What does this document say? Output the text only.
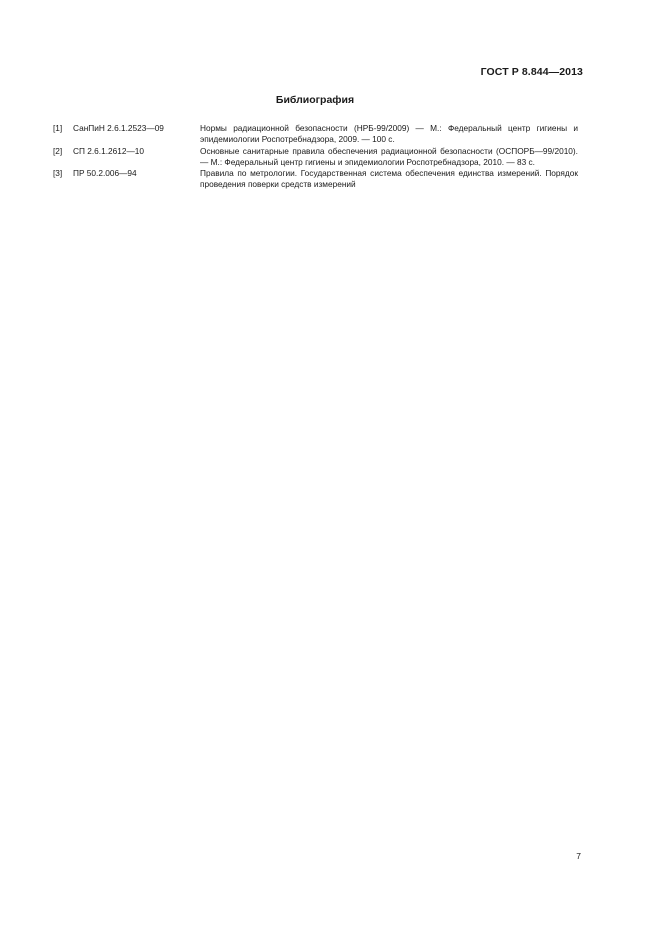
ГОСТ Р 8.844—2013
Библиография
[1]	СанПиН 2.6.1.2523—09	Нормы радиационной безопасности (НРБ-99/2009) — М.: Федеральный центр гигиены и эпидемиологии Роспотребнадзора, 2009. — 100 с.
[2]	СП 2.6.1.2612—10	Основные санитарные правила обеспечения радиационной безопасности (ОСПОРБ—99/2010). — М.: Федеральный центр гигиены и эпидемиологии Роспотребнадзора, 2010. — 83 с.
[3]	ПР 50.2.006—94	Правила по метрологии. Государственная система обеспечения единства измерений. Порядок проведения поверки средств измерений
7
